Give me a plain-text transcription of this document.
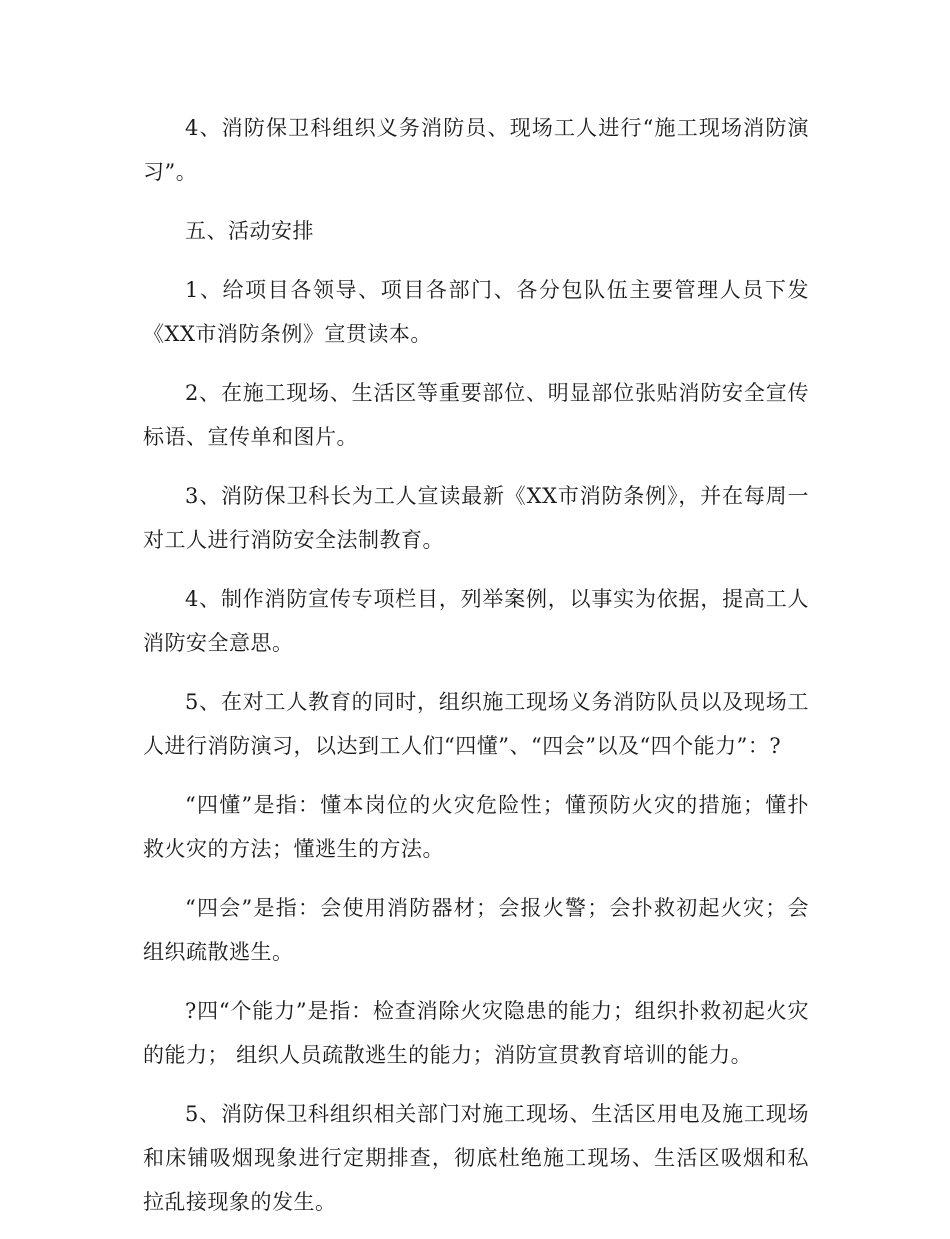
4、消防保卫科组织义务消防员、现场工人进行“施工现场消防演习”。

五、活动安排

1、给项目各领导、项目各部门、各分包队伍主要管理人员下发《XX市消防条例》宣贯读本。

2、在施工现场、生活区等重要部位、明显部位张贴消防安全宣传标语、宣传单和图片。

3、消防保卫科长为工人宣读最新《XX市消防条例》，并在每周一对工人进行消防安全法制教育。

4、制作消防宣传专项栏目，列举案例，以事实为依据，提高工人消防安全意思。

5、在对工人教育的同时，组织施工现场义务消防队员以及现场工人进行消防演习，以达到工人们“四懂”、“四会”以及“四个能力”：?

“四懂”是指：懂本岗位的火灾危险性；懂预防火灾的措施；懂扑救火灾的方法；懂逃生的方法。

“四会”是指：会使用消防器材；会报火警；会扑救初起火灾；会组织疏散逃生。

?四“个能力”是指：检查消除火灾隐患的能力；组织扑救初起火灾的能力； 组织人员疏散逃生的能力；消防宣贯教育培训的能力。

5、消防保卫科组织相关部门对施工现场、生活区用电及施工现场和床铺吸烟现象进行定期排查，彻底杜绝施工现场、生活区吸烟和私拉乱接现象的发生。
